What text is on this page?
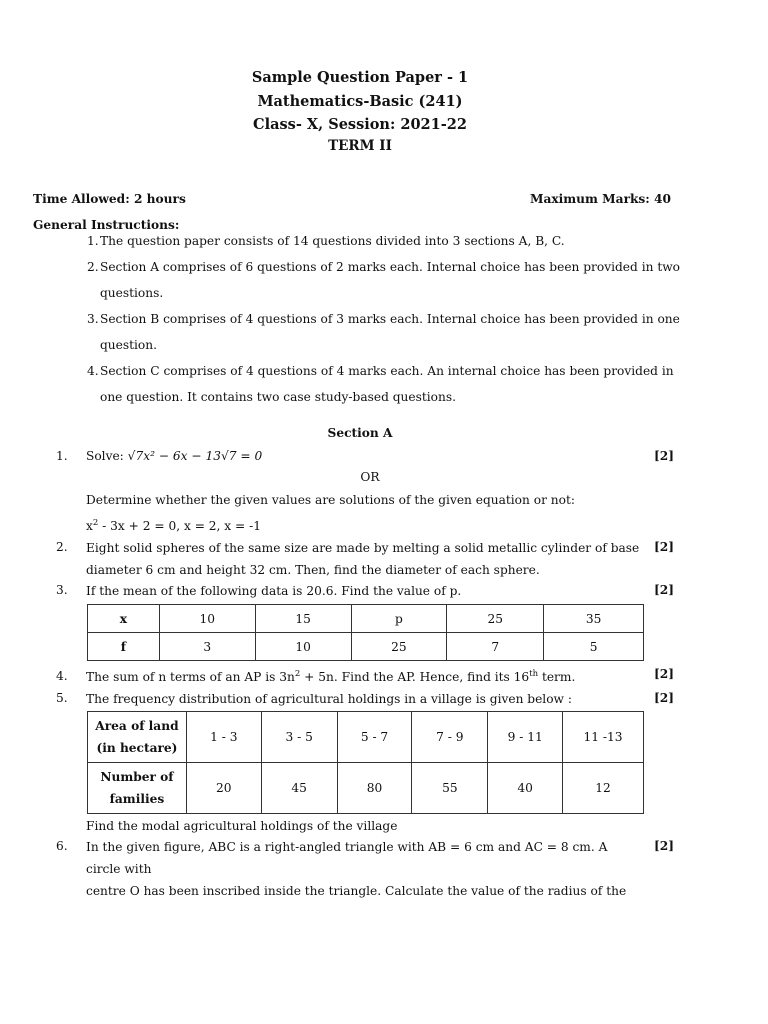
Sample Question Paper - 1
Mathematics-Basic (241)
Class- X, Session: 2021-22
TERM II
Time Allowed: 2 hours	Maximum Marks: 40
General Instructions:
1. The question paper consists of 14 questions divided into 3 sections A, B, C.
2. Section A comprises of 6 questions of 2 marks each. Internal choice has been provided in two questions.
3. Section B comprises of 4 questions of 3 marks each. Internal choice has been provided in one question.
4. Section C comprises of 4 questions of 4 marks each. An internal choice has been provided in one question. It contains two case study-based questions.
Section A
1. Solve: √7x² − 6x − 13√7 = 0	[2]
OR
Determine whether the given values are solutions of the given equation or not:
$x^2 - 3x + 2 = 0$, x = 2, x = -1
2. Eight solid spheres of the same size are made by melting a solid metallic cylinder of base
diameter 6 cm and height 32 cm. Then, find the diameter of each sphere.
[2]
3. If the mean of the following data is 20.6. Find the value of p.	[2]
x	10	15	p	25	35
f	3	10	25	7	5
4. The sum of n terms of an AP is $3n^2 + 5n$. Find the AP. Hence, find its 16th term.	[2]
5. The frequency distribution of agricultural holdings in a village is given below :	[2]
Area of land
(in hectare)	1 - 3	3 - 5	5 - 7	7 - 9	9 - 11	11 -13

Number of
families	20	45	80	55	40	12
Find the modal agricultural holdings of the village
6. In the given figure, ABC is a right-angled triangle with AB = 6 cm and AC = 8 cm. A circle with
centre O has been inscribed inside the triangle. Calculate the value of the radius of the
[2]
